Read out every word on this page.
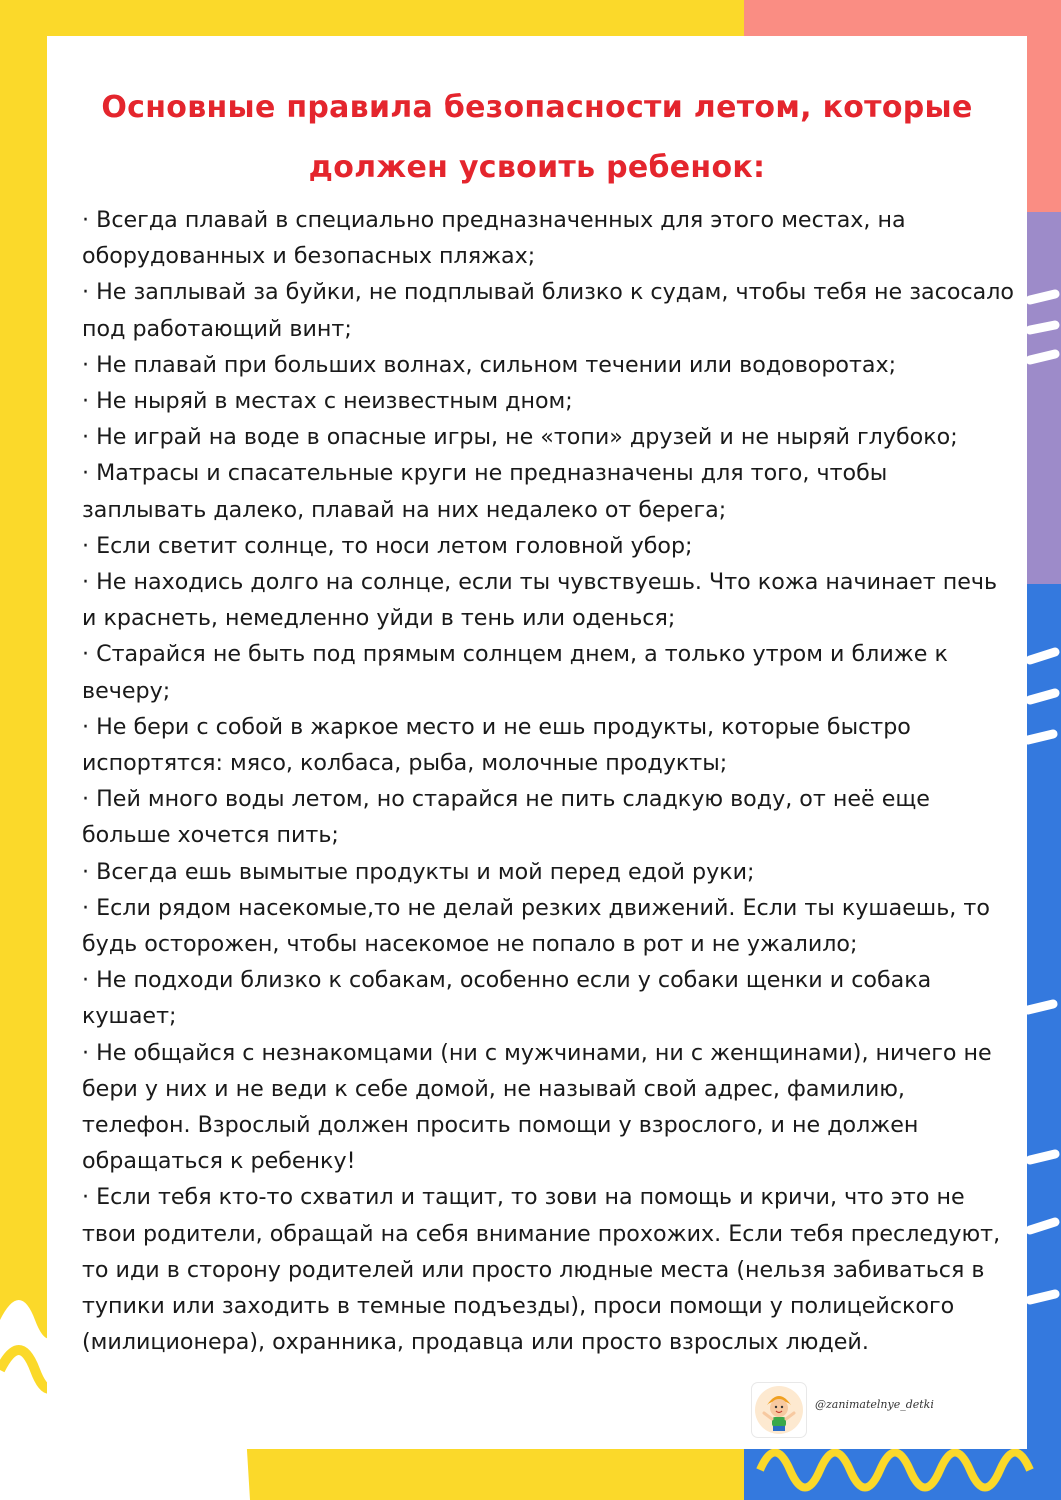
Основные правила безопасности летом, которые
должен усвоить ребенок:
· Всегда плавай в специально предназначенных для этого местах, на оборудованных и безопасных пляжах;
· Не заплывай за буйки, не подплывай близко к судам, чтобы тебя не засосало под работающий винт;
· Не плавай при больших волнах, сильном течении или водоворотах;
· Не ныряй в местах с неизвестным дном;
· Не играй на воде в опасные игры, не «топи» друзей и не ныряй глубоко;
· Матрасы и спасательные круги не предназначены для того, чтобы заплывать далеко, плавай на них недалеко от берега;
· Если светит солнце, то носи летом головной убор;
· Не находись долго на солнце, если ты чувствуешь. Что кожа начинает печь и краснеть, немедленно уйди в тень или оденься;
· Старайся не быть под прямым солнцем днем, а только утром и ближе к вечеру;
· Не бери с собой в жаркое место и не ешь продукты, которые быстро испортятся: мясо, колбаса, рыба, молочные продукты;
· Пей много воды летом, но старайся не пить сладкую воду, от неё еще больше хочется пить;
· Всегда ешь вымытые продукты и мой перед едой руки;
· Если рядом насекомые,то не делай резких движений. Если ты кушаешь, то будь осторожен, чтобы насекомое не попало в рот и не ужалило;
· Не подходи близко к собакам, особенно если у собаки щенки и собака кушает;
· Не общайся с незнакомцами (ни с мужчинами, ни с женщинами), ничего не бери у них и не веди к себе домой, не называй свой адрес, фамилию, телефон. Взрослый должен просить помощи у взрослого, и не должен обращаться к ребенку!
· Если тебя кто-то схватил и тащит, то зови на помощь и кричи, что это не твои родители, обращай на себя внимание прохожих. Если тебя преследуют, то иди в сторону родителей или просто людные места (нельзя забиваться в тупики или заходить в темные подъезды), проси помощи у полицейского (милиционера), охранника, продавца или просто взрослых людей.
@zanimatelnye_detki
